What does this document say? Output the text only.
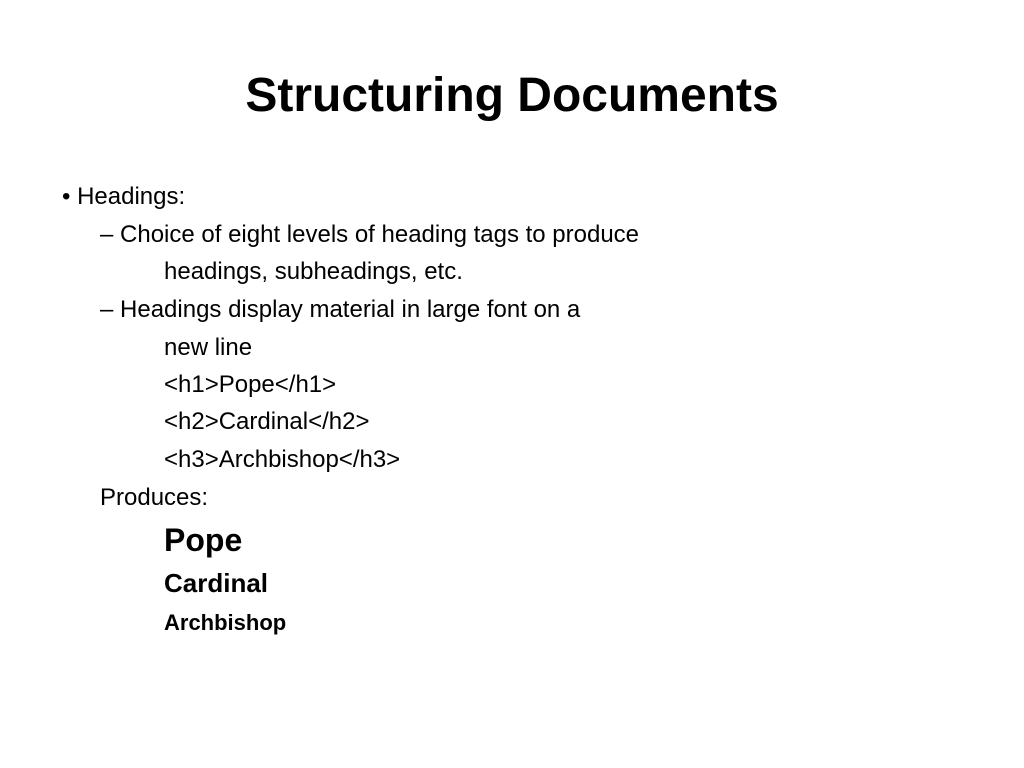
Structuring Documents
• Headings:
– Choice of eight levels of heading tags to produce
headings, subheadings, etc.
– Headings display material in large font on a
new line
<h1>Pope</h1>
<h2>Cardinal</h2>
<h3>Archbishop</h3>
Produces:
Pope
Cardinal
Archbishop
